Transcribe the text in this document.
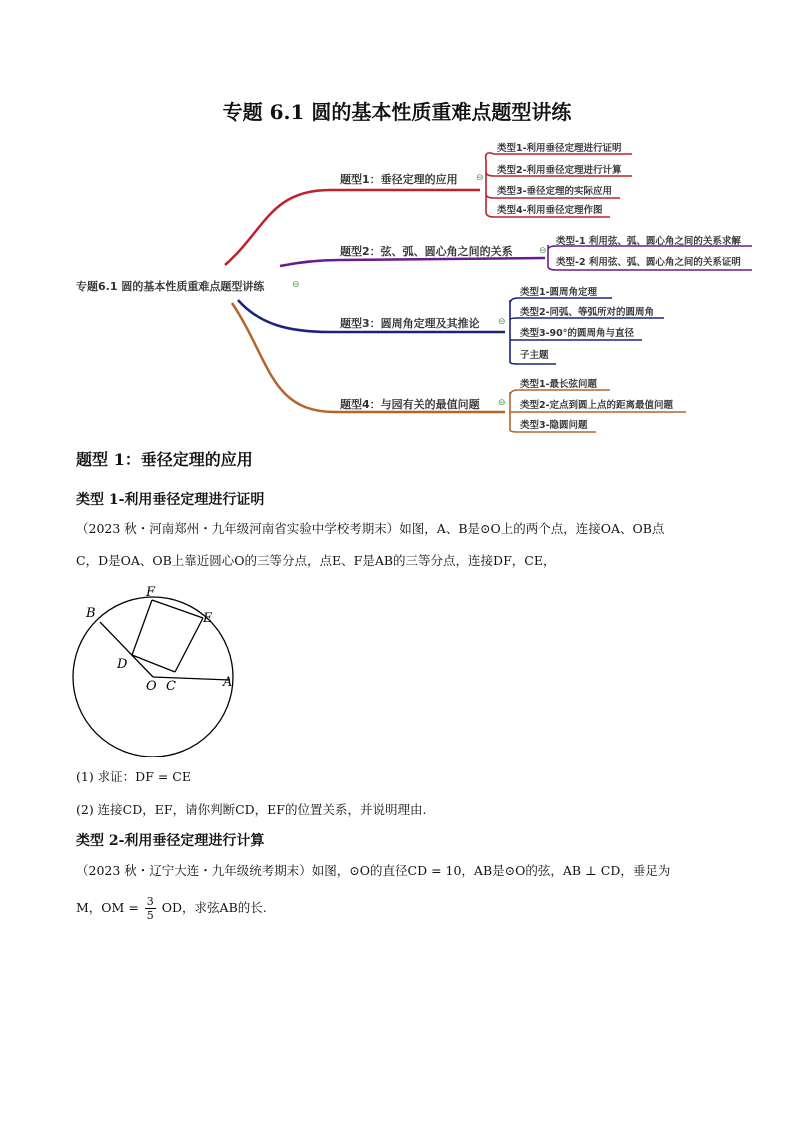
专题 6.1 圆的基本性质重难点题型讲练
专题6.1 圆的基本性质重难点题型讲练	⊖
题型1：垂径定理的应用 ⊖
类型1-利用垂径定理进行证明
类型2-利用垂径定理进行计算
类型3-垂径定理的实际应用
类型4-利用垂径定理作图
题型2：弦、弧、圆心角之间的关系	⊖
类型-1 利用弦、弧、圆心角之间的关系求解
类型-2 利用弦、弧、圆心角之间的关系证明
题型3：圆周角定理及其推论 ⊖
类型1-圆周角定理
类型2-同弧、等弧所对的圆周角
类型3-90°的圆周角与直径
子主题
题型4：与园有关的最值问题 ⊖
类型1-最长弦问题
类型2-定点到圆上点的距离最值问题
类型3-隐圆问题
题型 1：垂径定理的应用
类型 1-利用垂径定理进行证明
（2023 秋・河南郑州・九年级河南省实验中学校考期末）如图，A、B是⊙O上的两个点，连接OA、OB点
C，D是OA、OB上靠近圆心O的三等分点，点E、F是AB的三等分点，连接DF，CE，
B
F
E
D
O C	A
(1) 求证：DF = CE
(2) 连接CD，EF，请你判断CD，EF的位置关系，并说明理由.
类型 2-利用垂径定理进行计算
（2023 秋・辽宁大连・九年级统考期末）如图，⊙O的直径CD = 10，AB是⊙O的弦，AB ⊥ CD，垂足为
M，OM = $\frac{3}{5}$ OD，求弦AB的长.
